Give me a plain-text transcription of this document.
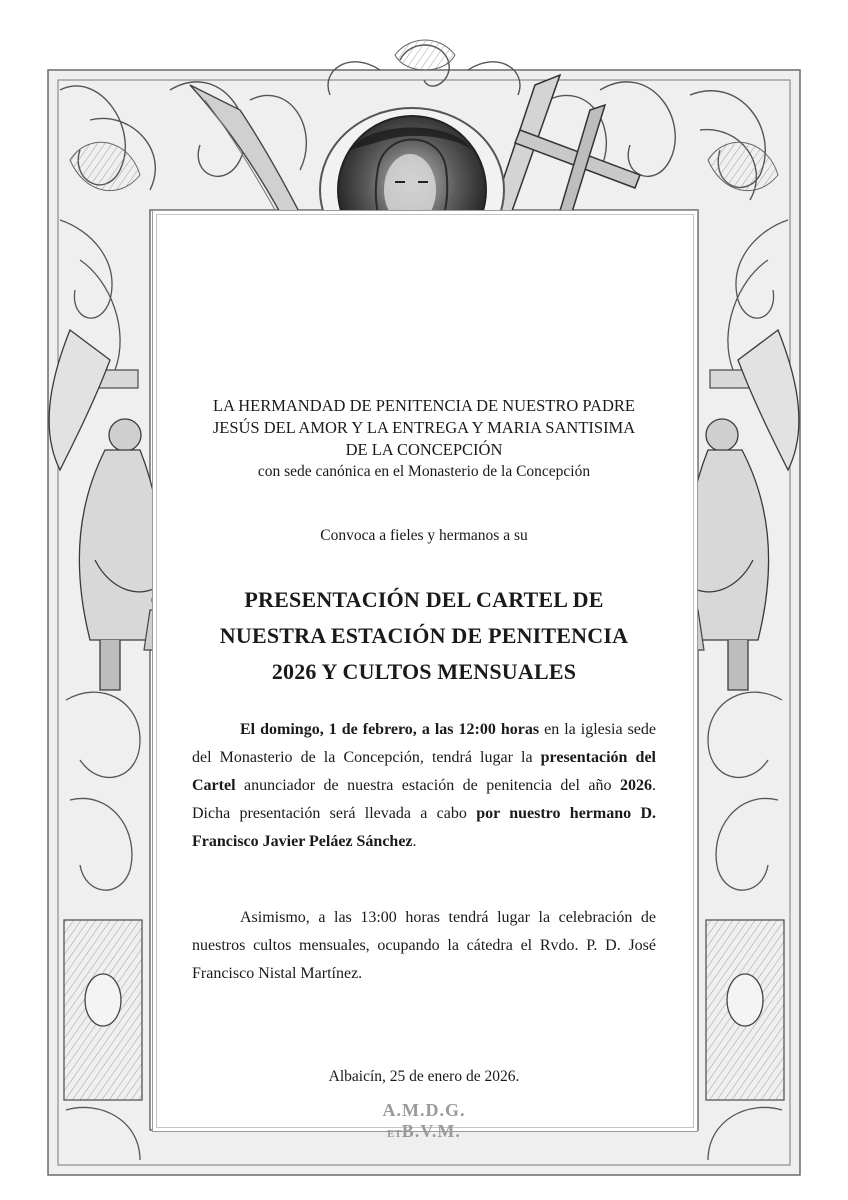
LA HERMANDAD DE PENITENCIA DE NUESTRO PADRE
JESÚS DEL AMOR Y LA ENTREGA Y MARIA SANTISIMA
DE LA CONCEPCIÓN
con sede canónica en el Monasterio de la Concepción
Convoca a fieles y hermanos a su
PRESENTACIÓN DEL CARTEL DE
NUESTRA ESTACIÓN DE PENITENCIA
2026 Y CULTOS MENSUALES
El domingo, 1 de febrero, a las 12:00 horas en la iglesia sede del Monasterio de la Concepción, tendrá lugar la presentación del Cartel anunciador de nuestra estación de penitencia del año 2026. Dicha presentación será llevada a cabo por nuestro hermano D. Francisco Javier Peláez Sánchez.
Asimismo, a las 13:00 horas tendrá lugar la celebración de nuestros cultos mensuales, ocupando la cátedra el Rvdo. P. D. José Francisco Nistal Martínez.
Albaicín, 25 de enero de 2026.
A.M.D.G. ETB.V.M.
